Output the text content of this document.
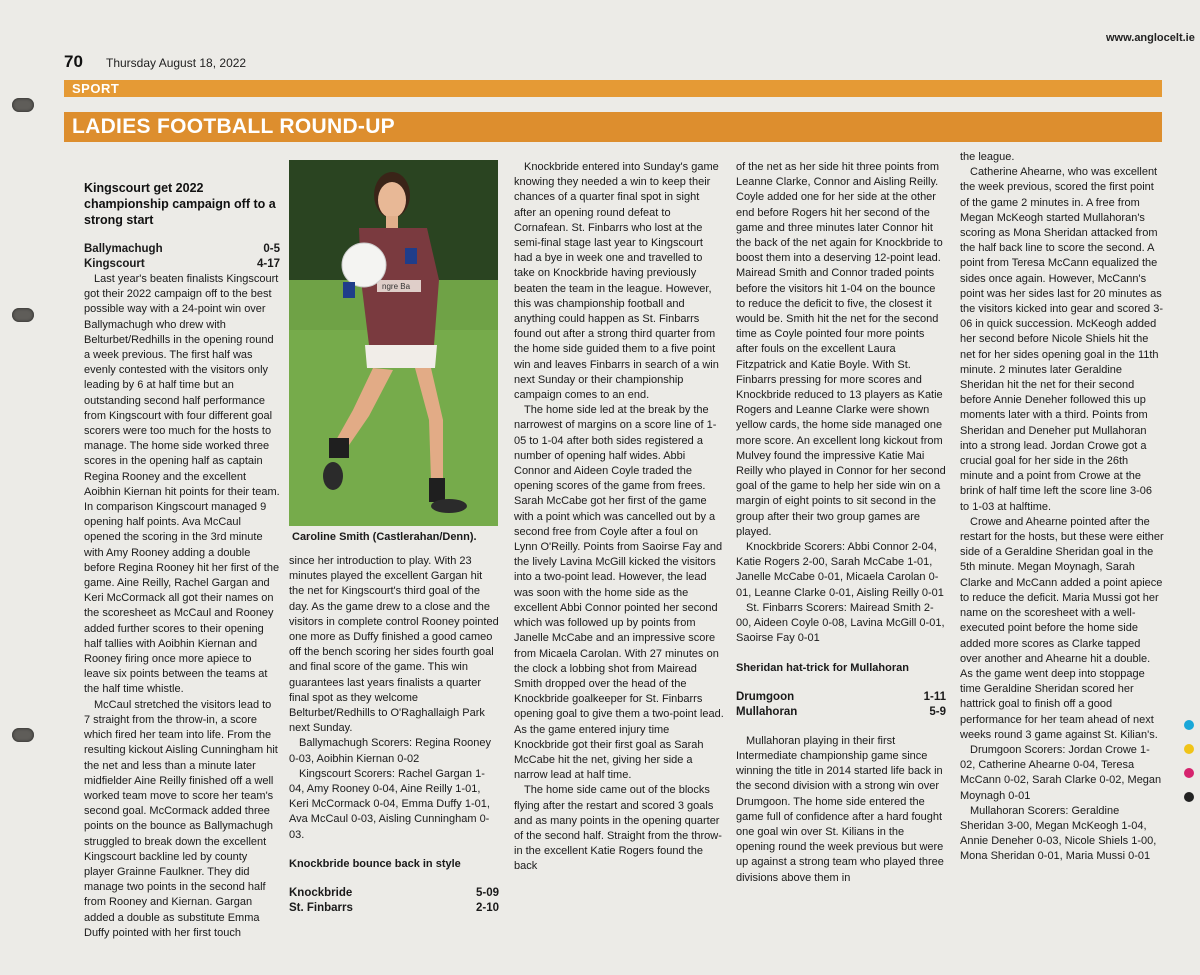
70 Thursday August 18, 2022
www.anglocelt.ie
SPORT
LADIES FOOTBALL ROUND-UP

Kingscourt get 2022 championship campaign off to a strong start

Ballymachugh	0-5
Kingscourt	4-17

Last year's beaten finalists Kingscourt got their 2022 campaign off to the best possible way with a 24-point win over Ballymachugh who drew with Belturbet/Redhills in the opening round a week previous. The first half was evenly contested with the visitors only leading by 6 at half time but an outstanding second half performance from Kingscourt with four different goal scorers were too much for the hosts to manage. The home side worked three scores in the opening half as captain Regina Rooney and the excellent Aoibhin Kiernan hit points for their team. In comparison Kingscourt managed 9 opening half points. Ava McCaul opened the scoring in the 3rd minute with Amy Rooney adding a double before Regina Rooney hit her first of the game. Aine Reilly, Rachel Gargan and Keri McCormack all got their names on the scoresheet as McCaul and Rooney added further scores to their opening half tallies with Aoibhin Kiernan and Rooney firing once more apiece to leave six points between the teams at the half time whistle.

McCaul stretched the visitors lead to 7 straight from the throw-in, a score which fired her team into life. From the resulting kickout Aisling Cunningham hit the net and less than a minute later midfielder Aine Reilly finished off a well worked team move to score her team's second goal. McCormack added three points on the bounce as Ballymachugh struggled to break down the excellent Kingscourt backline led by county player Grainne Faulkner. They did manage two points in the second half from Rooney and Kiernan. Gargan added a double as substitute Emma Duffy pointed with her first touch

ngre Ba
Caroline Smith (Castlerahan/Denn).

since her introduction to play. With 23 minutes played the excellent Gargan hit the net for Kingscourt's third goal of the day. As the game drew to a close and the visitors in complete control Rooney pointed one more as Duffy finished a good cameo off the bench scoring her sides fourth goal and final score of the game. This win guarantees last years finalists a quarter final spot as they welcome Belturbet/Redhills to O'Raghallaigh Park next Sunday.

Ballymachugh Scorers: Regina Rooney 0-03, Aoibhin Kiernan 0-02

Kingscourt Scorers: Rachel Gargan 1-04, Amy Rooney 0-04, Aine Reilly 1-01, Keri McCormack 0-04, Emma Duffy 1-01, Ava McCaul 0-03, Aisling Cunningham 0-03.

Knockbride bounce back in style

Knockbride	5-09
St. Finbarrs	2-10

Knockbride entered into Sunday's game knowing they needed a win to keep their chances of a quarter final spot in sight after an opening round defeat to Cornafean. St. Finbarrs who lost at the semi-final stage last year to Kingscourt had a bye in week one and travelled to take on Knockbride having previously beaten the team in the league. However, this was championship football and anything could happen as St. Finbarrs found out after a strong third quarter from the home side guided them to a five point win and leaves Finbarrs in search of a win next Sunday or their championship campaign comes to an end.

The home side led at the break by the narrowest of margins on a score line of 1-05 to 1-04 after both sides registered a number of opening half wides. Abbi Connor and Aideen Coyle traded the opening scores of the game from frees. Sarah McCabe got her first of the game with a point which was cancelled out by a second free from Coyle after a foul on Lynn O'Reilly. Points from Saoirse Fay and the lively Lavina McGill kicked the visitors into a two-point lead. However, the lead was soon with the home side as the excellent Abbi Connor pointed her second which was followed up by points from Janelle McCabe and an impressive score from Micaela Carolan. With 27 minutes on the clock a lobbing shot from Mairead Smith dropped over the head of the Knockbride goalkeeper for St. Finbarrs opening goal to give them a two-point lead. As the game entered injury time Knockbride got their first goal as Sarah McCabe hit the net, giving her side a narrow lead at half time.

The home side came out of the blocks flying after the restart and scored 3 goals and as many points in the opening quarter of the second half. Straight from the throw-in the excellent Katie Rogers found the back

of the net as her side hit three points from Leanne Clarke, Connor and Aisling Reilly. Coyle added one for her side at the other end before Rogers hit her second of the game and three minutes later Connor hit the back of the net again for Knockbride to boost them into a deserving 12-point lead. Mairead Smith and Connor traded points before the visitors hit 1-04 on the bounce to reduce the deficit to five, the closest it would be. Smith hit the net for the second time as Coyle pointed four more points after fouls on the excellent Laura Fitzpatrick and Katie Boyle. With St. Finbarrs pressing for more scores and Knockbride reduced to 13 players as Katie Rogers and Leanne Clarke were shown yellow cards, the home side managed one more score. An excellent long kickout from Mulvey found the impressive Katie Mai Reilly who played in Connor for her second goal of the game to help her side win on a margin of eight points to sit second in the group after their two group games are played.

Knockbride Scorers: Abbi Connor 2-04, Katie Rogers 2-00, Sarah McCabe 1-01, Janelle McCabe 0-01, Micaela Carolan 0-01, Leanne Clarke 0-01, Aisling Reilly 0-01

St. Finbarrs Scorers: Mairead Smith 2-00, Aideen Coyle 0-08, Lavina McGill 0-01, Saoirse Fay 0-01

Sheridan hat-trick for Mullahoran

Drumgoon	1-11
Mullahoran	5-9

Mullahoran playing in their first Intermediate championship game since winning the title in 2014 started life back in the second division with a strong win over Drumgoon. The home side entered the game full of confidence after a hard fought one goal win over St. Kilians in the opening round the week previous but were up against a strong team who played three divisions above them in

the league.

Catherine Ahearne, who was excellent the week previous, scored the first point of the game 2 minutes in. A free from Megan McKeogh started Mullahoran's scoring as Mona Sheridan attacked from the half back line to score the second. A point from Teresa McCann equalized the sides once again. However, McCann's point was her sides last for 20 minutes as the visitors kicked into gear and scored 3-06 in quick succession. McKeogh added her second before Nicole Shiels hit the net for her sides opening goal in the 11th minute. 2 minutes later Geraldine Sheridan hit the net for their second before Annie Deneher followed this up moments later with a third. Points from Sheridan and Deneher put Mullahoran into a strong lead. Jordan Crowe got a crucial goal for her side in the 26th minute and a point from Crowe at the brink of half time left the score line 3-06 to 1-03 at halftime.

Crowe and Ahearne pointed after the restart for the hosts, but these were either side of a Geraldine Sheridan goal in the 5th minute. Megan Moynagh, Sarah Clarke and McCann added a point apiece to reduce the deficit. Maria Mussi got her name on the scoresheet with a well-executed point before the home side added more scores as Clarke tapped over another and Ahearne hit a double. As the game went deep into stoppage time Geraldine Sheridan scored her hattrick goal to finish off a good performance for her team ahead of next weeks round 3 game against St. Kilian's.

Drumgoon Scorers: Jordan Crowe 1-02, Catherine Ahearne 0-04, Teresa McCann 0-02, Sarah Clarke 0-02, Megan Moynagh 0-01

Mullahoran Scorers: Geraldine Sheridan 3-00, Megan McKeogh 1-04, Annie Deneher 0-03, Nicole Shiels 1-00, Mona Sheridan 0-01, Maria Mussi 0-01
